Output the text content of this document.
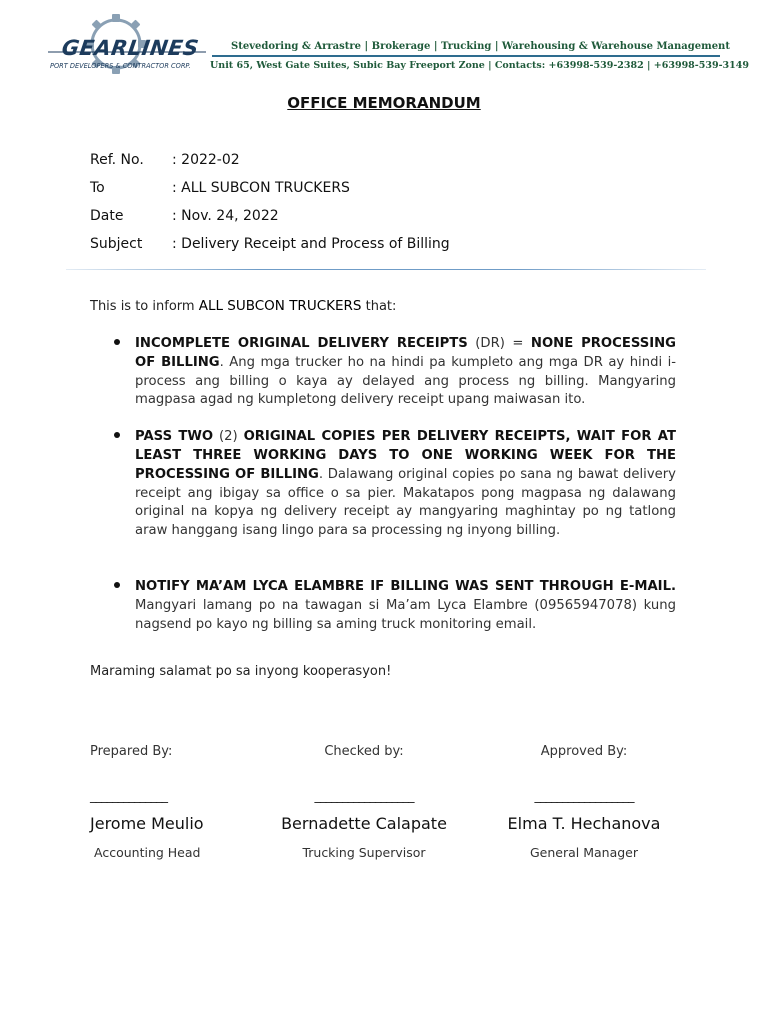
GEARLINES
PORT DEVELOPERS & CONTRACTOR CORP.
Stevedoring & Arrastre | Brokerage | Trucking | Warehousing & Warehouse Management
Unit 65, West Gate Suites, Subic Bay Freeport Zone | Contacts: +63998-539-2382 | +63998-539-3149
OFFICE MEMORANDUM
Ref. No.	: 2022-02
To	: ALL SUBCON TRUCKERS
Date	: Nov. 24, 2022
Subject	: Delivery Receipt and Process of Billing
This is to inform ALL SUBCON TRUCKERS that:

INCOMPLETE ORIGINAL DELIVERY RECEIPTS (DR) = NONE PROCESSING OF BILLING. Ang mga trucker ho na hindi pa kumpleto ang mga DR ay hindi i-process ang billing o kaya ay delayed ang process ng billing. Mangyaring magpasa agad ng kumpletong delivery receipt upang maiwasan ito.

PASS TWO (2) ORIGINAL COPIES PER DELIVERY RECEIPTS, WAIT FOR AT LEAST THREE WORKING DAYS TO ONE WORKING WEEK FOR THE PROCESSING OF BILLING. Dalawang original copies po sana ng bawat delivery receipt ang ibigay sa office o sa pier. Makatapos pong magpasa ng dalawang original na kopya ng delivery receipt ay mangyaring maghintay po ng tatlong araw hanggang isang lingo para sa processing ng inyong billing.

NOTIFY MA’AM LYCA ELAMBRE IF BILLING WAS SENT THROUGH E-MAIL. Mangyari lamang po na tawagan si Ma’am Lyca Elambre (09565947078) kung nagsend po kayo ng billing sa aming truck monitoring email.

Maraming salamat po sa inyong kooperasyon!
Prepared By:
______________
Jerome Meulio
Accounting Head
Checked by:
__________________
Bernadette Calapate
Trucking Supervisor
Approved By:
__________________
Elma T. Hechanova
General Manager
